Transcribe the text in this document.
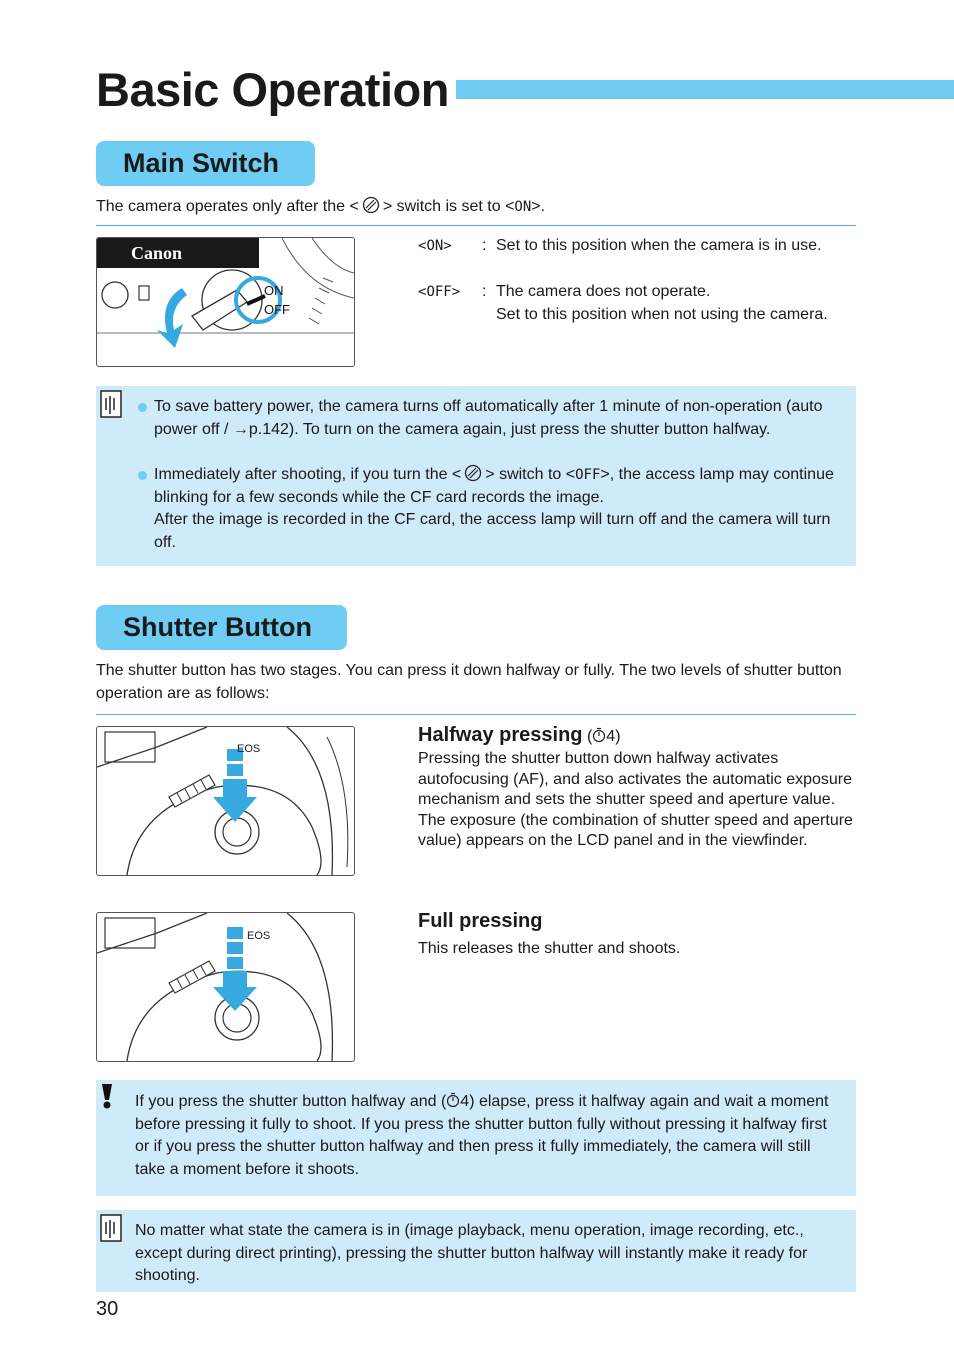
Basic Operation
Main Switch
The camera operates only after the < > switch is set to <ON>.
Canon
ON
OFF
<ON> : Set to this position when the camera is in use.
<OFF> : The camera does not operate.
Set to this position when not using the camera.
To save battery power, the camera turns off automatically after 1 minute of non-operation (auto power off / →p.142). To turn on the camera again, just press the shutter button halfway.
Immediately after shooting, if you turn the < > switch to <OFF>, the access lamp may continue blinking for a few seconds while the CF card records the image.
After the image is recorded in the CF card, the access lamp will turn off and the camera will turn off.
Shutter Button
The shutter button has two stages. You can press it down halfway or fully. The two levels of shutter button operation are as follows:
EOS
EOS
Halfway pressing ( 4)
Pressing the shutter button down halfway activates autofocusing (AF), and also activates the automatic exposure mechanism and sets the shutter speed and aperture value.
The exposure (the combination of shutter speed and aperture value) appears on the LCD panel and in the viewfinder.
Full pressing
This releases the shutter and shoots.
If you press the shutter button halfway and ( 4) elapse, press it halfway again and wait a moment before pressing it fully to shoot. If you press the shutter button fully without pressing it halfway first or if you press the shutter button halfway and then press it fully immediately, the camera will still take a moment before it shoots.
No matter what state the camera is in (image playback, menu operation, image recording, etc., except during direct printing), pressing the shutter button halfway will instantly make it ready for shooting.
30
